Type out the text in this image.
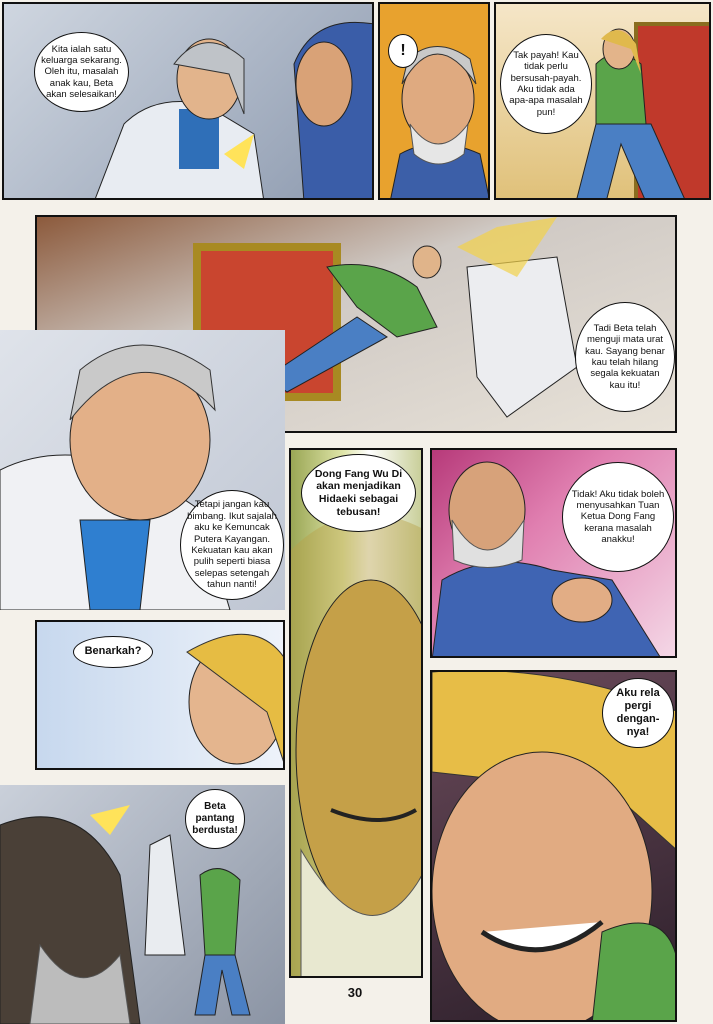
Kita ialah satu keluarga sekarang. Oleh itu, masalah anak kau, Beta akan selesaikan!
!	Tak payah! Kau tidak perlu bersusah-payah. Aku tidak ada apa-apa masalah pun!
Tadi Beta telah menguji mata urat kau. Sayang benar kau telah hilang segala kekuatan kau itu!
Tetapi jangan kau bimbang. Ikut sajalah aku ke Kemuncak Putera Kayangan. Kekuatan kau akan pulih seperti biasa selepas setengah tahun nanti!
Dong Fang Wu Di akan menjadikan Hidaeki sebagai tebusan!
Tidak! Aku tidak boleh menyusahkan Tuan Ketua Dong Fang kerana masalah anakku!
Benarkah?
Aku rela pergi dengan-nya!
Beta pantang berdusta!
30
